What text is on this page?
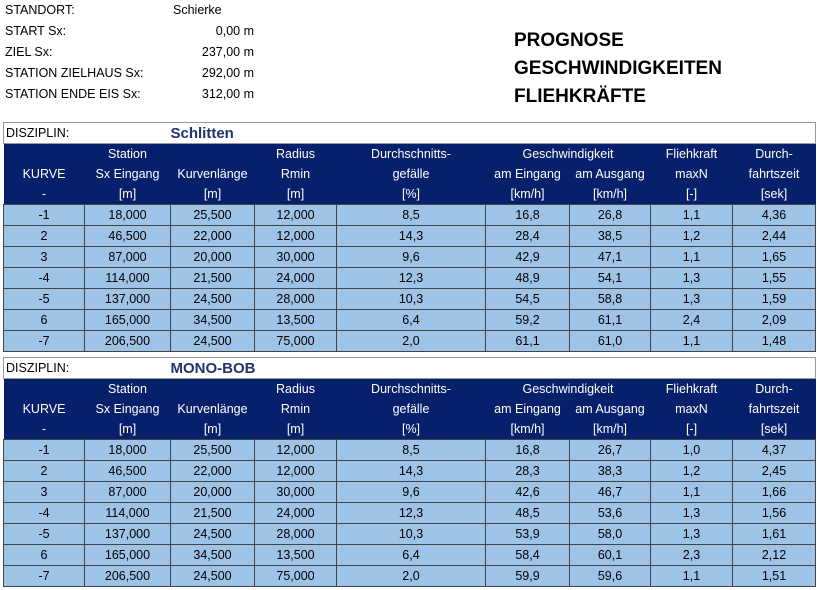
STANDORT:	Schierke
START Sx:	0,00 m
ZIEL Sx:	237,00 m
STATION ZIELHAUS Sx:	292,00 m
STATION ENDE EIS Sx:	312,00 m
PROGNOSE
GESCHWINDIGKEITEN
FLIEHKRÄFTE
DISZIPLIN:		Schlitten						
	Station		Radius	Durchschnitts-	Geschwindigkeit		Fliehkraft	Durch-
KURVE	Sx Eingang	Kurvenlänge	Rmin	gefälle	am Eingang	am Ausgang	maxN	fahrtszeit
-	[m]	[m]	[m]	[%]	[km/h]	[km/h]	[-]	[sek]
-1	18,000	25,500	12,000	8,5	16,8	26,8	1,1	4,36
2	46,500	22,000	12,000	14,3	28,4	38,5	1,2	2,44
3	87,000	20,000	30,000	9,6	42,9	47,1	1,1	1,65
-4	114,000	21,500	24,000	12,3	48,9	54,1	1,3	1,55
-5	137,000	24,500	28,000	10,3	54,5	58,8	1,3	1,59
6	165,000	34,500	13,500	6,4	59,2	61,1	2,4	2,09
-7	206,500	24,500	75,000	2,0	61,1	61,0	1,1	1,48
DISZIPLIN:		MONO-BOB						
	Station		Radius	Durchschnitts-	Geschwindigkeit		Fliehkraft	Durch-
KURVE	Sx Eingang	Kurvenlänge	Rmin	gefälle	am Eingang	am Ausgang	maxN	fahrtszeit
-	[m]	[m]	[m]	[%]	[km/h]	[km/h]	[-]	[sek]
-1	18,000	25,500	12,000	8,5	16,8	26,7	1,0	4,37
2	46,500	22,000	12,000	14,3	28,3	38,3	1,2	2,45
3	87,000	20,000	30,000	9,6	42,6	46,7	1,1	1,66
-4	114,000	21,500	24,000	12,3	48,5	53,6	1,3	1,56
-5	137,000	24,500	28,000	10,3	53,9	58,0	1,3	1,61
6	165,000	34,500	13,500	6,4	58,4	60,1	2,3	2,12
-7	206,500	24,500	75,000	2,0	59,9	59,6	1,1	1,51
